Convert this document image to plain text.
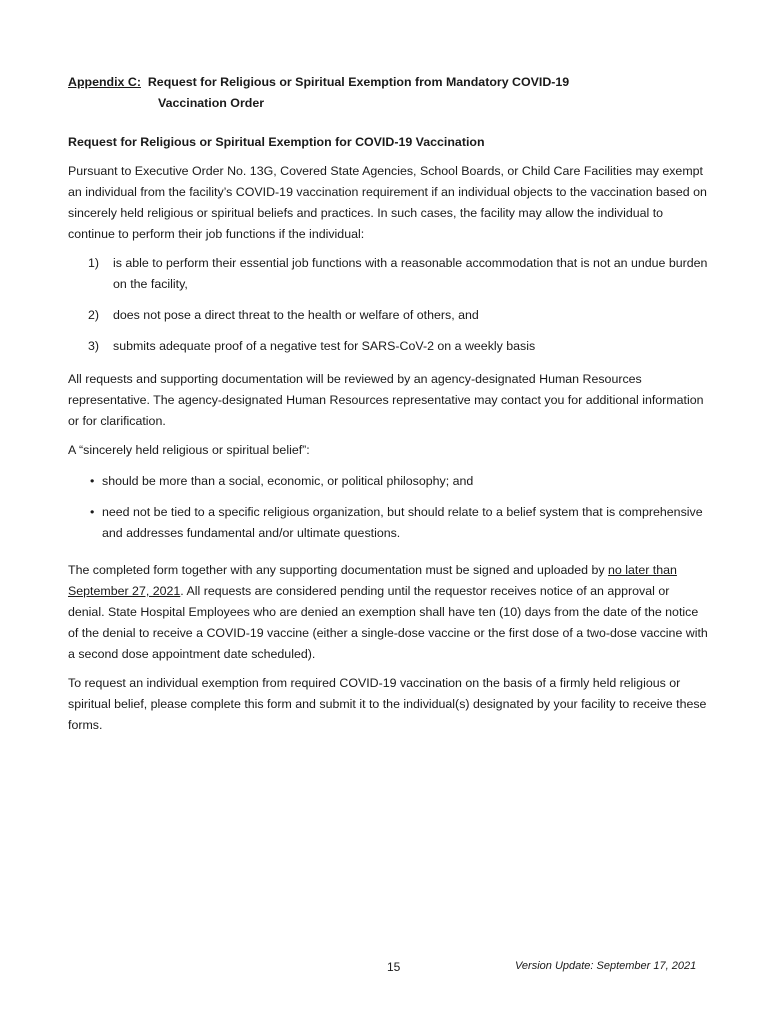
Appendix C: Request for Religious or Spiritual Exemption from Mandatory COVID-19
Vaccination Order
Request for Religious or Spiritual Exemption for COVID-19 Vaccination

Pursuant to Executive Order No. 13G, Covered State Agencies, School Boards, or Child Care Facilities may exempt an individual from the facility’s COVID-19 vaccination requirement if an individual objects to the vaccination based on sincerely held religious or spiritual beliefs and practices. In such cases, the facility may allow the individual to continue to perform their job functions if the individual:

1) is able to perform their essential job functions with a reasonable accommodation that is not an undue burden on the facility,
2) does not pose a direct threat to the health or welfare of others, and
3) submits adequate proof of a negative test for SARS-CoV-2 on a weekly basis

All requests and supporting documentation will be reviewed by an agency-designated Human Resources representative. The agency-designated Human Resources representative may contact you for additional information or for clarification.

A “sincerely held religious or spiritual belief”:

• should be more than a social, economic, or political philosophy; and
• need not be tied to a specific religious organization, but should relate to a belief system that is comprehensive and addresses fundamental and/or ultimate questions.

The completed form together with any supporting documentation must be signed and uploaded by no later than September 27, 2021. All requests are considered pending until the requestor receives notice of an approval or denial. State Hospital Employees who are denied an exemption shall have ten (10) days from the date of the notice of the denial to receive a COVID-19 vaccine (either a single-dose vaccine or the first dose of a two-dose vaccine with a second dose appointment date scheduled).

To request an individual exemption from required COVID-19 vaccination on the basis of a firmly held religious or spiritual belief, please complete this form and submit it to the individual(s) designated by your facility to receive these forms.

15	Version Update: September 17, 2021
